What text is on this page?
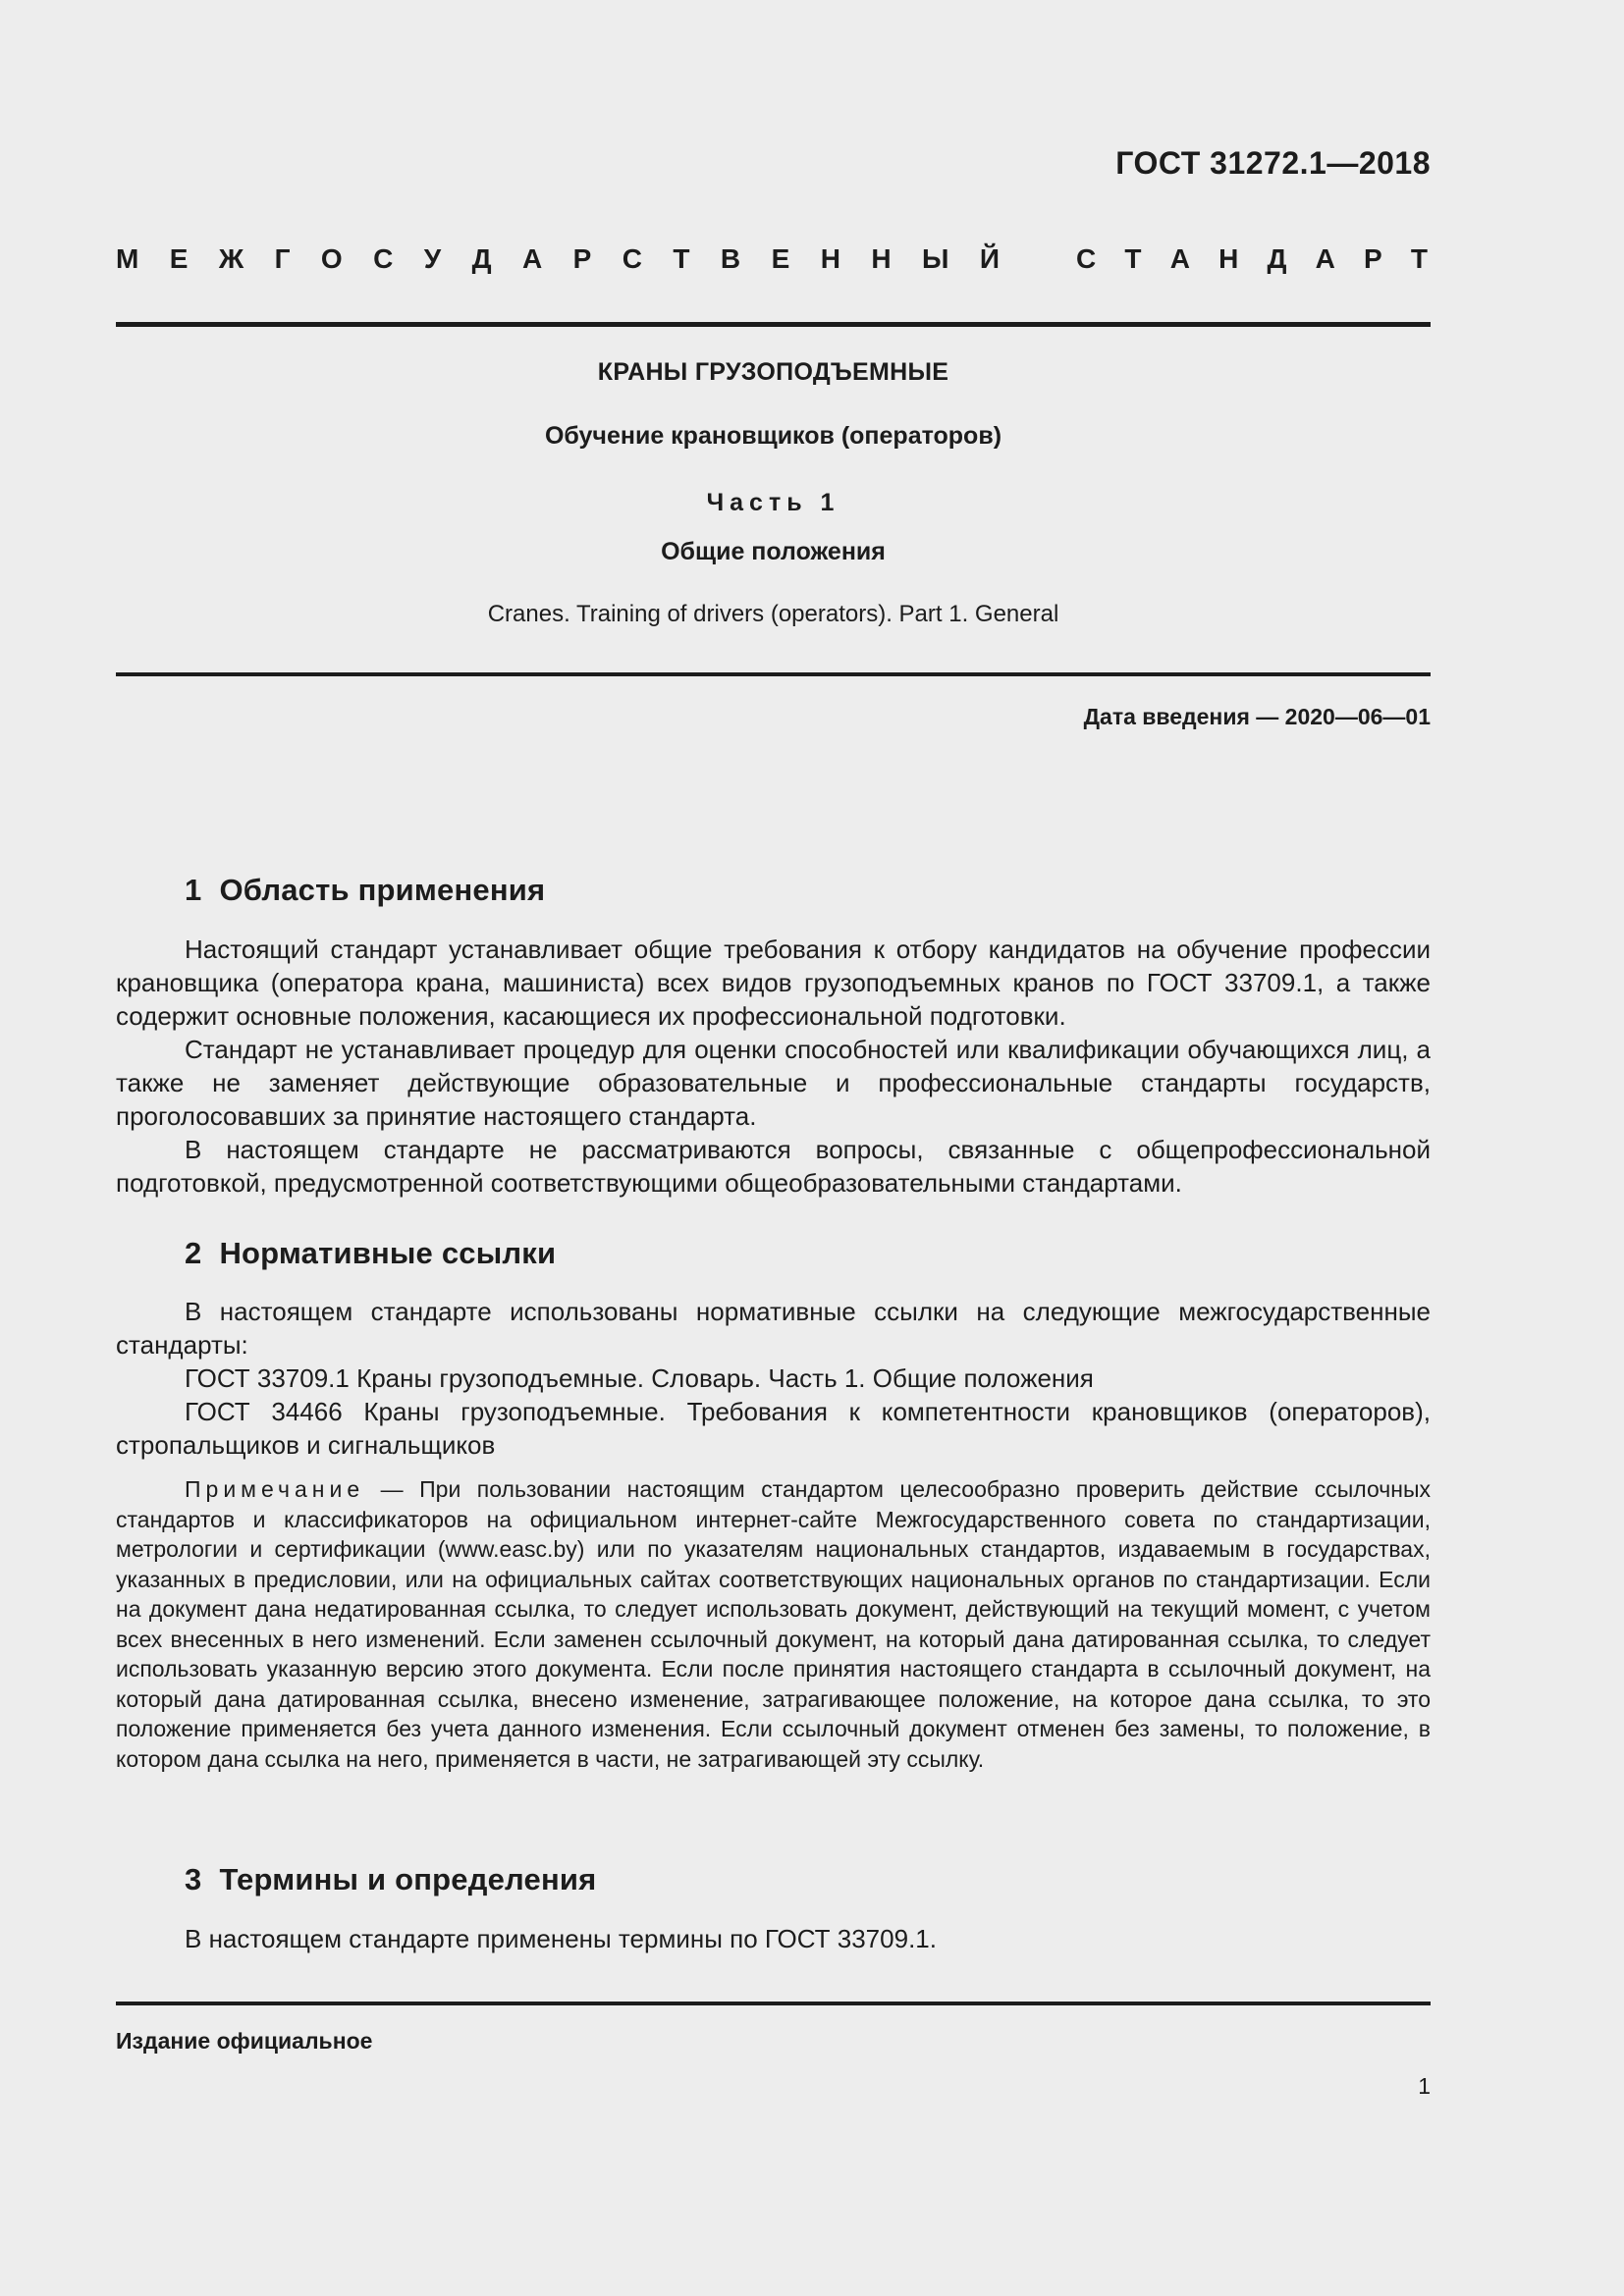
ГОСТ 31272.1—2018
М Е Ж Г О С У Д А Р С Т В Е Н Н Ы Й	С Т А Н Д А Р Т
КРАНЫ ГРУЗОПОДЪЕМНЫЕ
Обучение крановщиков (операторов)
Часть 1
Общие положения
Cranes. Training of drivers (operators). Part 1. General
Дата введения — 2020—06—01
1 Область применения

Настоящий стандарт устанавливает общие требования к отбору кандидатов на обучение профессии крановщика (оператора крана, машиниста) всех видов грузоподъемных кранов по ГОСТ 33709.1, а также содержит основные положения, касающиеся их профессиональной подготовки.

Стандарт не устанавливает процедур для оценки способностей или квалификации обучающихся лиц, а также не заменяет действующие образовательные и профессиональные стандарты государств, проголосовавших за принятие настоящего стандарта.

В настоящем стандарте не рассматриваются вопросы, связанные с общепрофессиональной подготовкой, предусмотренной соответствующими общеобразовательными стандартами.

2 Нормативные ссылки

В настоящем стандарте использованы нормативные ссылки на следующие межгосударственные стандарты:

ГОСТ 33709.1 Краны грузоподъемные. Словарь. Часть 1. Общие положения

ГОСТ 34466 Краны грузоподъемные. Требования к компетентности крановщиков (операторов), стропальщиков и сигнальщиков

Примечание — При пользовании настоящим стандартом целесообразно проверить действие ссылочных стандартов и классификаторов на официальном интернет-сайте Межгосударственного совета по стандартизации, метрологии и сертификации (www.easc.by) или по указателям национальных стандартов, издаваемым в государствах, указанных в предисловии, или на официальных сайтах соответствующих национальных органов по стандартизации. Если на документ дана недатированная ссылка, то следует использовать документ, действующий на текущий момент, с учетом всех внесенных в него изменений. Если заменен ссылочный документ, на который дана датированная ссылка, то следует использовать указанную версию этого документа. Если после принятия настоящего стандарта в ссылочный документ, на который дана датированная ссылка, внесено изменение, затрагивающее положение, на которое дана ссылка, то это положение применяется без учета данного изменения. Если ссылочный документ отменен без замены, то положение, в котором дана ссылка на него, применяется в части, не затрагивающей эту ссылку.
3 Термины и определения

В настоящем стандарте применены термины по ГОСТ 33709.1.

Издание официальное
1
